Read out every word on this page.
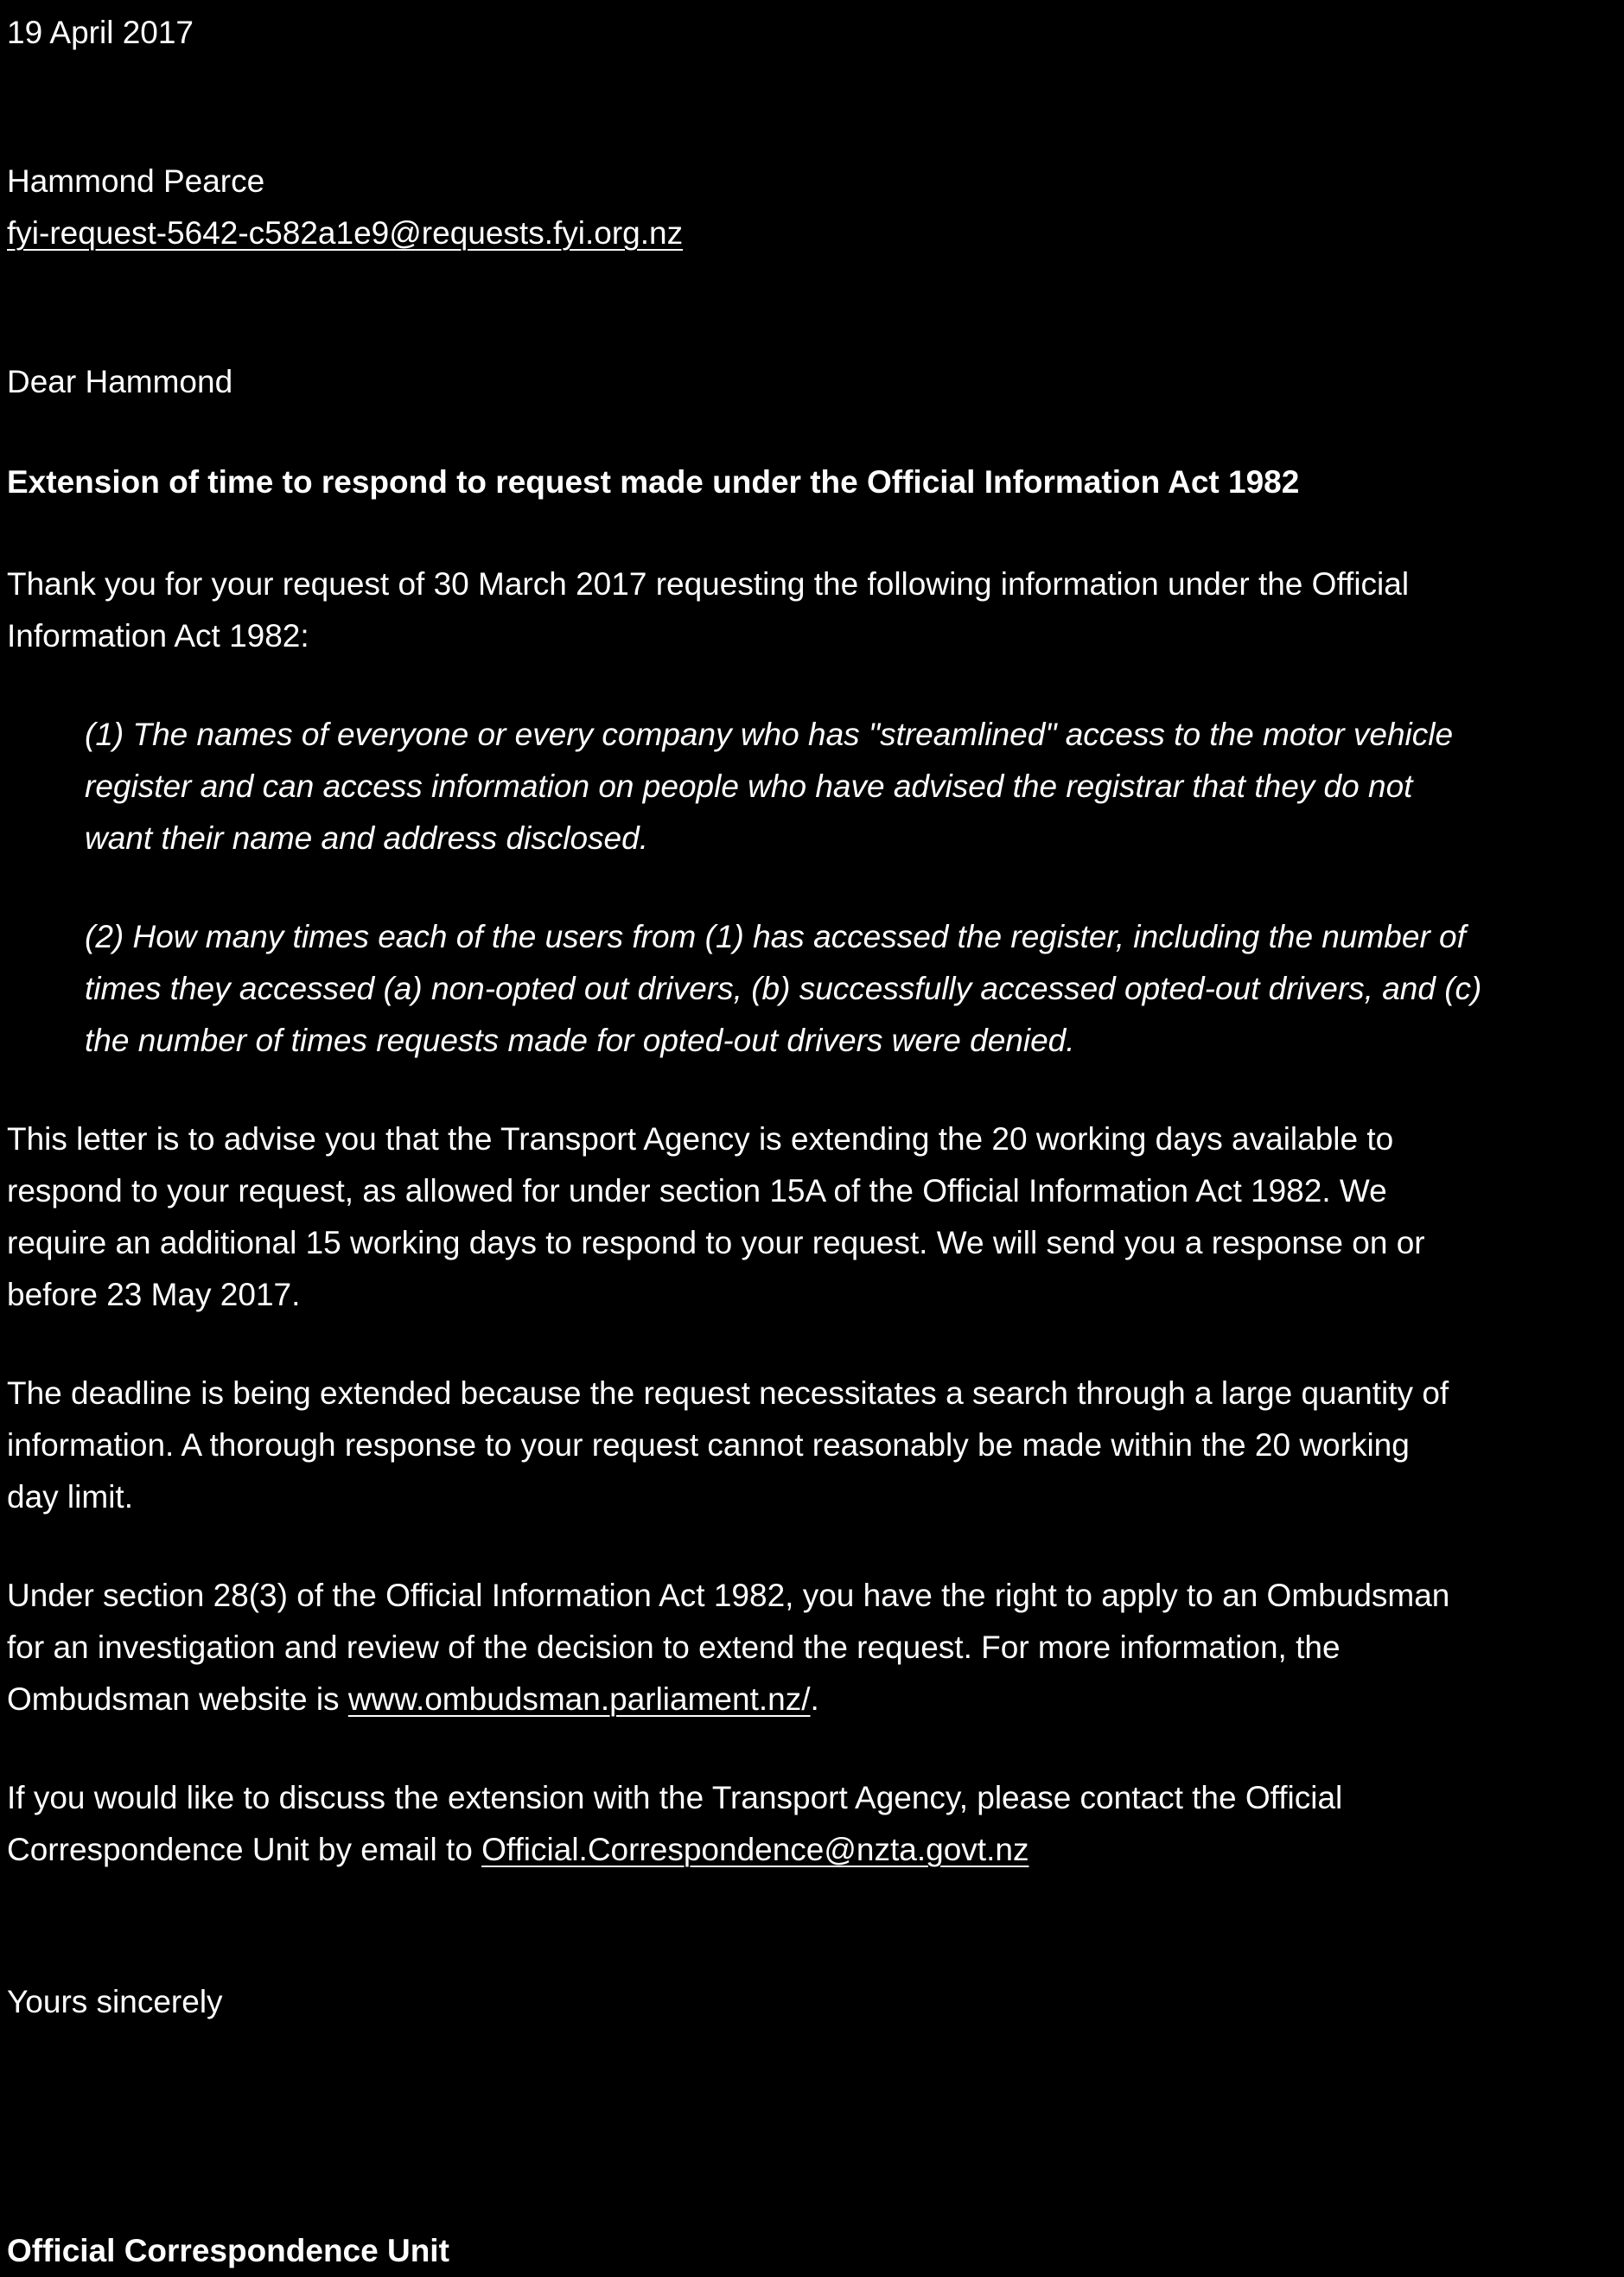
19 April 2017
Hammond Pearce
fyi-request-5642-c582a1e9@requests.fyi.org.nz
Dear Hammond
Extension of time to respond to request made under the Official Information Act 1982
Thank you for your request of 30 March 2017 requesting the following information under the Official
Information Act 1982:
(1) The names of everyone or every company who has "streamlined" access to the motor vehicle
register and can access information on people who have advised the registrar that they do not
want their name and address disclosed.
(2) How many times each of the users from (1) has accessed the register, including the number of
times they accessed (a) non-opted out drivers, (b) successfully accessed opted-out drivers, and (c)
the number of times requests made for opted-out drivers were denied.
This letter is to advise you that the Transport Agency is extending the 20 working days available to
respond to your request, as allowed for under section 15A of the Official Information Act 1982. We
require an additional 15 working days to respond to your request. We will send you a response on or
before 23 May 2017.
The deadline is being extended because the request necessitates a search through a large quantity of
information. A thorough response to your request cannot reasonably be made within the 20 working
day limit.
Under section 28(3) of the Official Information Act 1982, you have the right to apply to an Ombudsman
for an investigation and review of the decision to extend the request. For more information, the
Ombudsman website is www.ombudsman.parliament.nz/.
If you would like to discuss the extension with the Transport Agency, please contact the Official
Correspondence Unit by email to Official.Correspondence@nzta.govt.nz
Yours sincerely
Official Correspondence Unit
